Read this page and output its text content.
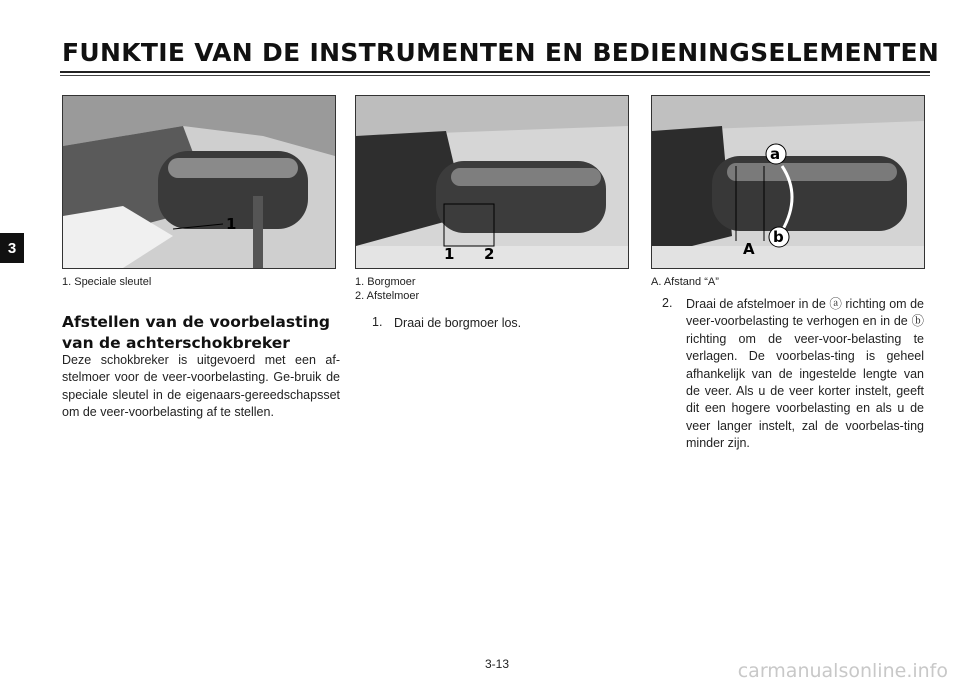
FUNKTIE VAN DE INSTRUMENTEN EN BEDIENINGSELEMENTEN
3
1
1. Speciale sleutel
1 2
1. Borgmoer
2. Afstelmoer
a
b
A
A. Afstand “A”
Afstellen van de voorbelasting van de achterschokbreker
Deze schokbreker is uitgevoerd met een af-stelmoer voor de veer-voorbelasting. Ge-bruik de speciale sleutel in de eigenaars-gereedschapsset om de veer-voorbelasting af te stellen.
1. Draai de borgmoer los.
2. Draai de afstelmoer in de ⓐ richting om de veer-voorbelasting te verhogen en in de ⓑ richting om de veer-voor-belasting te verlagen. De voorbelas-ting is geheel afhankelijk van de ingestelde lengte van de veer. Als u de veer korter instelt, geeft dit een hogere voorbelasting en als u de veer langer instelt, zal de voorbelas-ting minder zijn.
3-13	carmanualsonline.info
